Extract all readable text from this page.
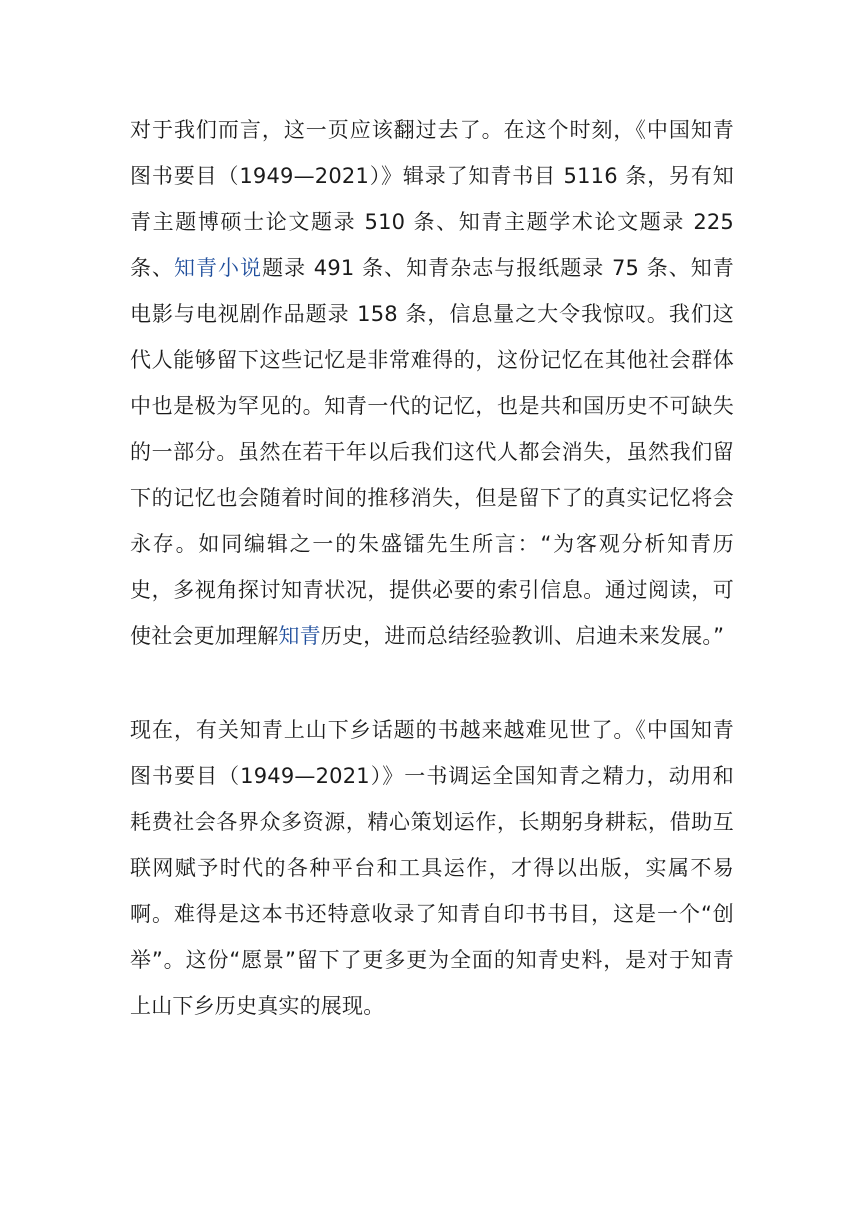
对于我们而言，这一页应该翻过去了。在这个时刻，《中国知青图书要目（1949—2021）》辑录了知青书目 5116 条，另有知青主题博硕士论文题录 510 条、知青主题学术论文题录 225 条、知青小说题录 491 条、知青杂志与报纸题录 75 条、知青电影与电视剧作品题录 158 条，信息量之大令我惊叹。我们这代人能够留下这些记忆是非常难得的，这份记忆在其他社会群体中也是极为罕见的。知青一代的记忆，也是共和国历史不可缺失的一部分。虽然在若干年以后我们这代人都会消失，虽然我们留下的记忆也会随着时间的推移消失，但是留下了的真实记忆将会永存。如同编辑之一的朱盛镭先生所言：“为客观分析知青历史，多视角探讨知青状况，提供必要的索引信息。通过阅读，可使社会更加理解知青历史，进而总结经验教训、启迪未来发展。”

现在，有关知青上山下乡话题的书越来越难见世了。《中国知青图书要目（1949—2021）》一书调运全国知青之精力，动用和耗费社会各界众多资源，精心策划运作，长期躬身耕耘，借助互联网赋予时代的各种平台和工具运作，才得以出版，实属不易啊。难得是这本书还特意收录了知青自印书书目，这是一个“创举”。这份“愿景”留下了更多更为全面的知青史料，是对于知青上山下乡历史真实的展现。
